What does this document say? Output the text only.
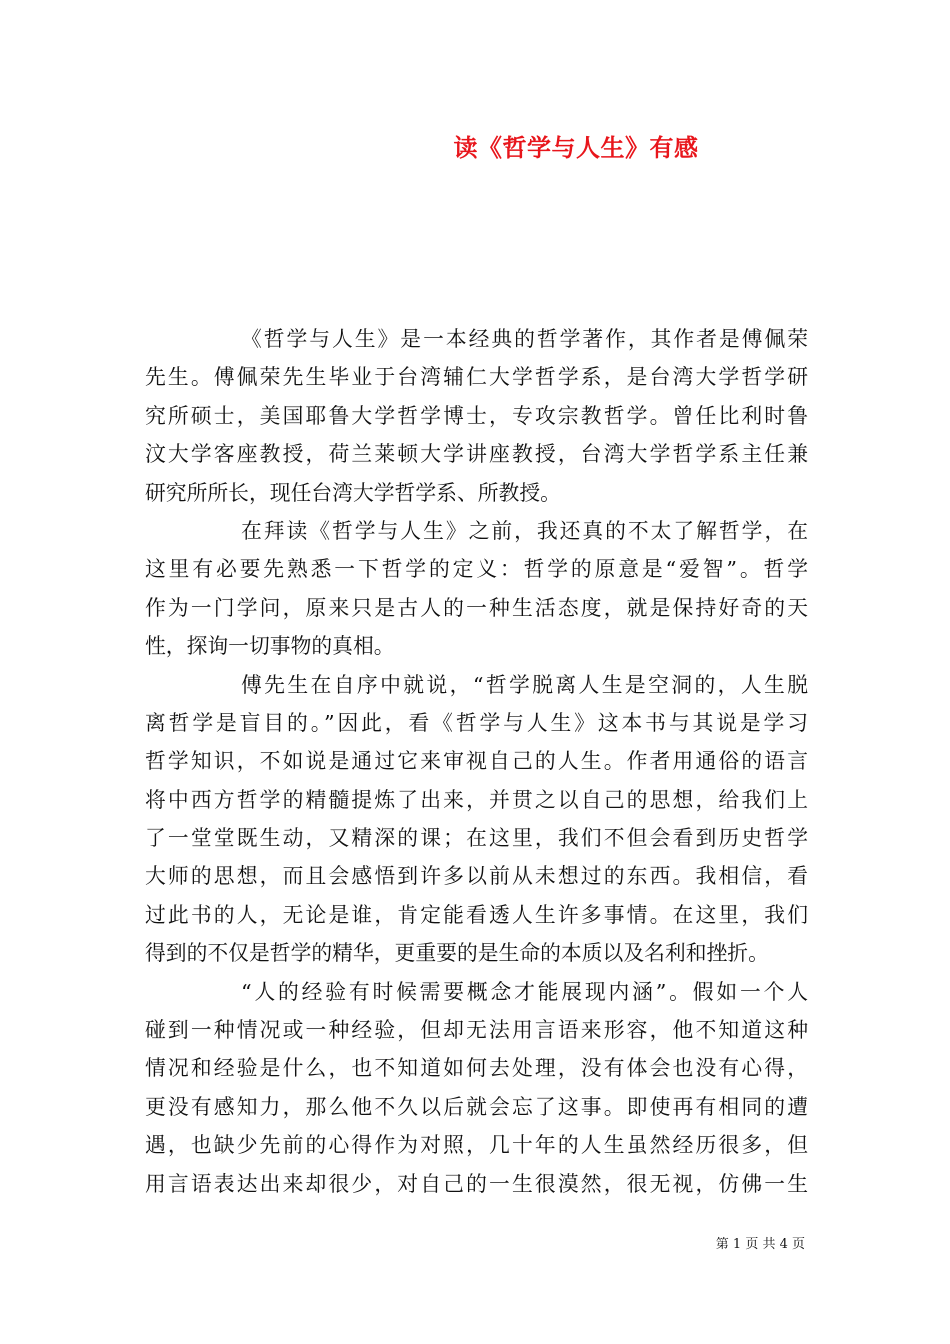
读《哲学与人生》有感
《哲学与人生》是一本经典的哲学著作，其作者是傅佩荣
先生。傅佩荣先生毕业于台湾辅仁大学哲学系，是台湾大学哲学研
究所硕士，美国耶鲁大学哲学博士，专攻宗教哲学。曾任比利时鲁
汶大学客座教授，荷兰莱顿大学讲座教授，台湾大学哲学系主任兼
研究所所长，现任台湾大学哲学系、所教授。
在拜读《哲学与人生》之前，我还真的不太了解哲学，在
这里有必要先熟悉一下哲学的定义：哲学的原意是“爱智”。哲学
作为一门学问，原来只是古人的一种生活态度，就是保持好奇的天
性，探询一切事物的真相。
傅先生在自序中就说，“哲学脱离人生是空洞的，人生脱
离哲学是盲目的。”因此，看《哲学与人生》这本书与其说是学习
哲学知识，不如说是通过它来审视自己的人生。作者用通俗的语言
将中西方哲学的精髓提炼了出来，并贯之以自己的思想，给我们上
了一堂堂既生动，又精深的课；在这里，我们不但会看到历史哲学
大师的思想，而且会感悟到许多以前从未想过的东西。我相信，看
过此书的人，无论是谁，肯定能看透人生许多事情。在这里，我们
得到的不仅是哲学的精华，更重要的是生命的本质以及名利和挫折。
“人的经验有时候需要概念才能展现内涵”。假如一个人
碰到一种情况或一种经验，但却无法用言语来形容，他不知道这种
情况和经验是什么，也不知道如何去处理，没有体会也没有心得，
更没有感知力，那么他不久以后就会忘了这事。即使再有相同的遭
遇，也缺少先前的心得作为对照，几十年的人生虽然经历很多，但
用言语表达出来却很少，对自己的一生很漠然，很无视，仿佛一生
第 1 页 共 4 页
